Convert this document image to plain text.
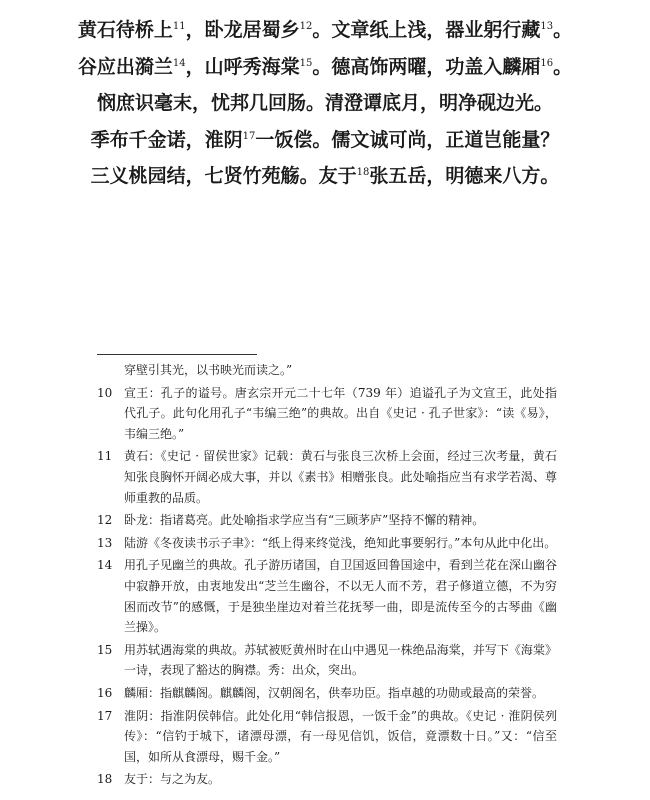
黄石待桥上$^{11}$，卧龙居蜀乡$^{12}$。文章纸上浅，器业躬行藏$^{13}$。
谷应出漪兰$^{14}$，山呼秀海棠$^{15}$。德高饰两曜，功盖入麟厢$^{16}$。
悯庶识毫末，忧邦几回肠。清澄谭底月，明净砚边光。
季布千金诺，淮阴$^{17}$一饭偿。儒文诚可尚，正道岂能量？
三义桃园结，七贤竹苑觞。友于$^{18}$张五岳，明德来八方。
穿壁引其光，以书映光而读之。”
10 宣王：孔子的谥号。唐玄宗开元二十七年（739 年）追谥孔子为文宣王，此处指代孔子。此句化用孔子“韦编三绝”的典故。出自《史记 · 孔子世家》：“读《易》，韦编三绝。”
11 黄石：《史记 · 留侯世家》记载：黄石与张良三次桥上会面，经过三次考量，黄石知张良胸怀开阔必成大事，并以《素书》相赠张良。此处喻指应当有求学若渴、尊师重教的品质。
12 卧龙：指诸葛亮。此处喻指求学应当有“三顾茅庐”坚持不懈的精神。
13 陆游《冬夜读书示子聿》：“纸上得来终觉浅，绝知此事要躬行。”本句从此中化出。
14 用孔子见幽兰的典故。孔子游历诸国，自卫国返回鲁国途中，看到兰花在深山幽谷中寂静开放，由衷地发出“芝兰生幽谷，不以无人而不芳，君子修道立德，不为穷困而改节”的感慨，于是独坐崖边对着兰花抚琴一曲，即是流传至今的古琴曲《幽兰操》。
15 用苏轼遇海棠的典故。苏轼被贬黄州时在山中遇见一株绝品海棠，并写下《海棠》一诗，表现了豁达的胸襟。秀：出众，突出。
16 麟厢：指麒麟阁。麒麟阁，汉朝阁名，供奉功臣。指卓越的功勋或最高的荣誉。
17 淮阴：指淮阴侯韩信。此处化用“韩信报恩，一饭千金”的典故。《史记 · 淮阴侯列传》：“信钓于城下，诸漂母漂，有一母见信饥，饭信，竟漂数十日。”又：“信至国，如所从食漂母，赐千金。”
18 友于：与之为友。
